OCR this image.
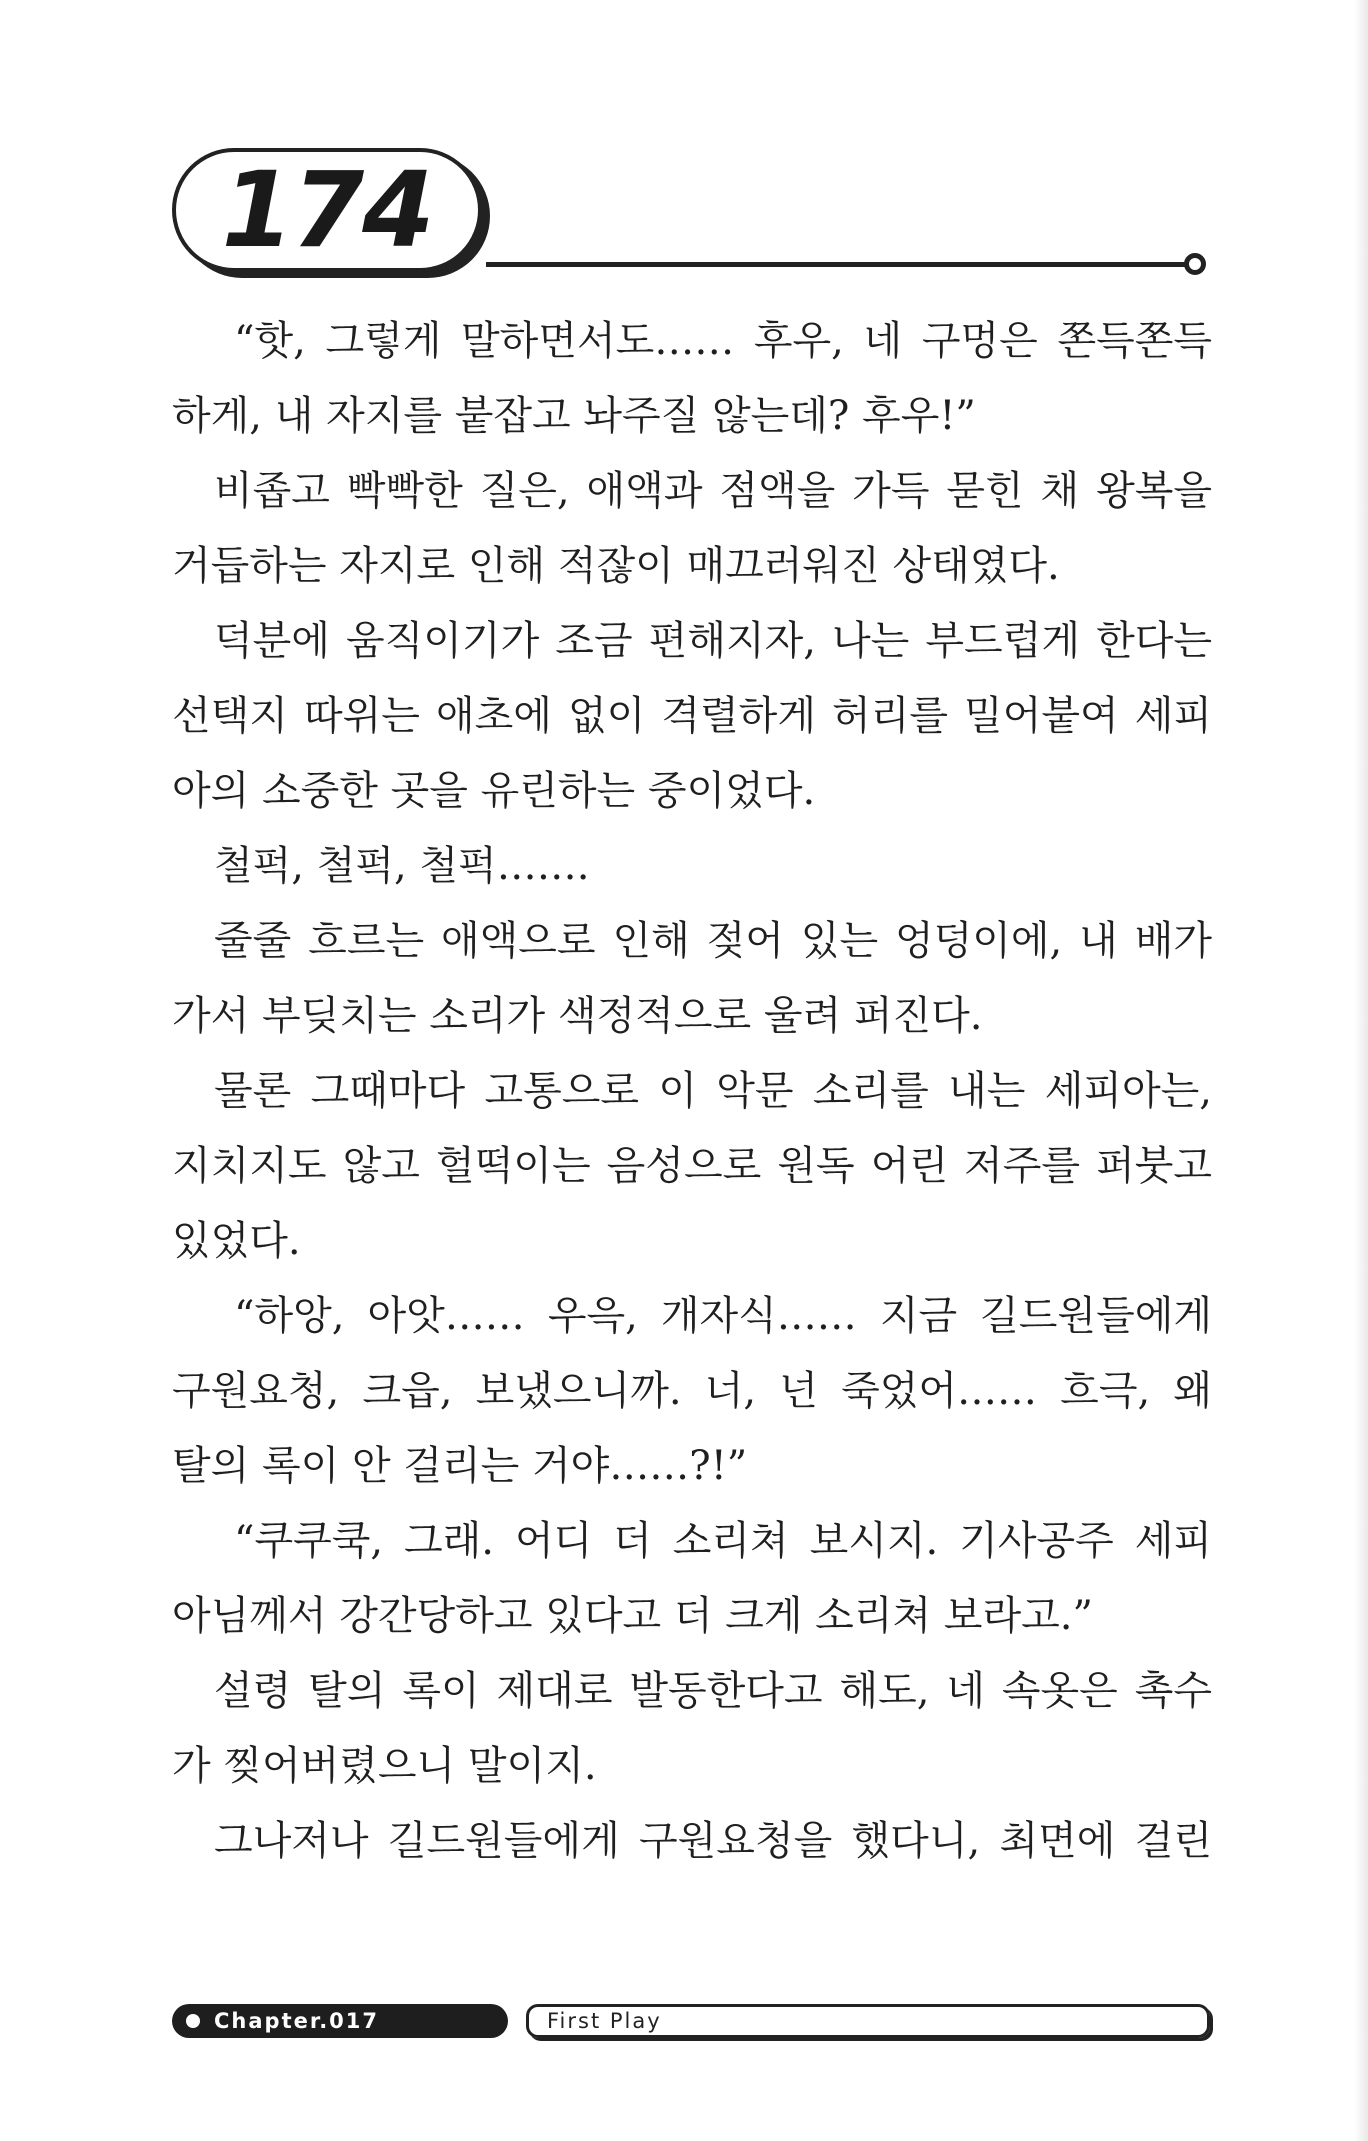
174
“핫, 그렇게 말하면서도…… 후우, 네 구멍은 쫀득쫀득
하게, 내 자지를 붙잡고 놔주질 않는데? 후우!”
비좁고 빡빡한 질은, 애액과 점액을 가득 묻힌 채 왕복을
거듭하는 자지로 인해 적잖이 매끄러워진 상태였다.
덕분에 움직이기가 조금 편해지자, 나는 부드럽게 한다는
선택지 따위는 애초에 없이 격렬하게 허리를 밀어붙여 세피
아의 소중한 곳을 유린하는 중이었다.
철퍽, 철퍽, 철퍽…….
줄줄 흐르는 애액으로 인해 젖어 있는 엉덩이에, 내 배가
가서 부딪치는 소리가 색정적으로 울려 퍼진다.
물론 그때마다 고통으로 이 악문 소리를 내는 세피아는,
지치지도 않고 헐떡이는 음성으로 원독 어린 저주를 퍼붓고
있었다.
“하앙, 아앗…… 우윽, 개자식…… 지금 길드원들에게
구원요청, 크읍, 보냈으니까. 너, 넌 죽었어…… 흐극, 왜
탈의 록이 안 걸리는 거야……?!”
“쿠쿠쿡, 그래. 어디 더 소리쳐 보시지. 기사공주 세피
아님께서 강간당하고 있다고 더 크게 소리쳐 보라고.”
설령 탈의 록이 제대로 발동한다고 해도, 네 속옷은 촉수
가 찢어버렸으니 말이지.
그나저나 길드원들에게 구원요청을 했다니, 최면에 걸린
Chapter.017	First Play
